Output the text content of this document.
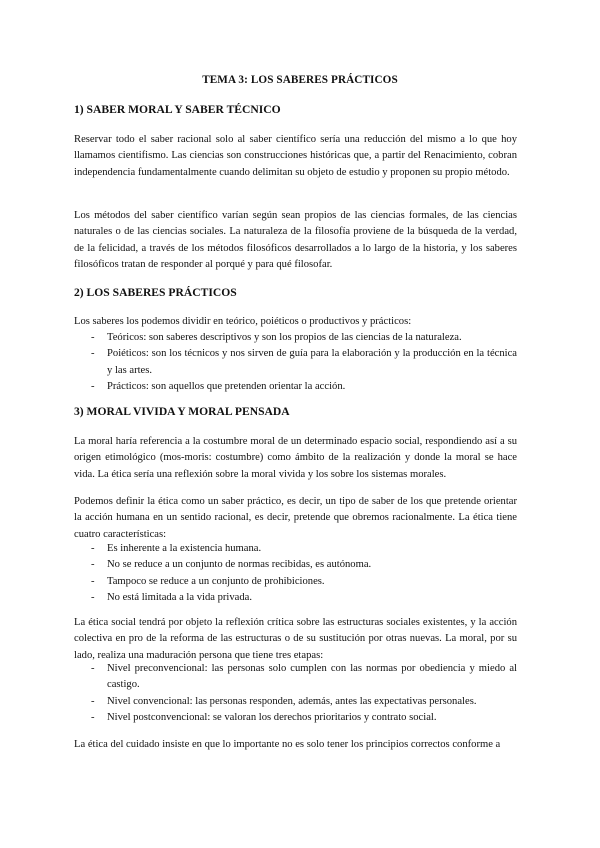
TEMA 3: LOS SABERES PRÁCTICOS
1) SABER MORAL Y SABER TÉCNICO
Reservar todo el saber racional solo al saber científico sería una reducción del mismo a lo que hoy llamamos cientifismo. Las ciencias son construcciones históricas que, a partir del Renacimiento, cobran independencia fundamentalmente cuando delimitan su objeto de estudio y proponen su propio método.
Los métodos del saber científico varían según sean propios de las ciencias formales, de las ciencias naturales o de las ciencias sociales. La naturaleza de la filosofía proviene de la búsqueda de la verdad, de la felicidad, a través de los métodos filosóficos desarrollados a lo largo de la historia, y los saberes filosóficos tratan de responder al porqué y para qué filosofar.
2) LOS SABERES PRÁCTICOS
Los saberes los podemos dividir en teórico, poiéticos o productivos y prácticos:
- Teóricos: son saberes descriptivos y son los propios de las ciencias de la naturaleza.
- Poiéticos: son los técnicos y nos sirven de guía para la elaboración y la producción en la técnica y las artes.
- Prácticos: son aquellos que pretenden orientar la acción.
3) MORAL VIVIDA Y MORAL PENSADA
La moral haría referencia a la costumbre moral de un determinado espacio social, respondiendo así a su origen etimológico (mos-moris: costumbre) como ámbito de la realización y donde la moral se hace vida. La ética sería una reflexión sobre la moral vivida y los sobre los sistemas morales.
Podemos definir la ética como un saber práctico, es decir, un tipo de saber de los que pretende orientar la acción humana en un sentido racional, es decir, pretende que obremos racionalmente. La ética tiene cuatro características:
- Es inherente a la existencia humana.
- No se reduce a un conjunto de normas recibidas, es autónoma.
- Tampoco se reduce a un conjunto de prohibiciones.
- No está limitada a la vida privada.
La ética social tendrá por objeto la reflexión crítica sobre las estructuras sociales existentes, y la acción colectiva en pro de la reforma de las estructuras o de su sustitución por otras nuevas. La moral, por su lado, realiza una maduración persona que tiene tres etapas:
- Nivel preconvencional: las personas solo cumplen con las normas por obediencia y miedo al castigo.
- Nivel convencional: las personas responden, además, antes las expectativas personales.
- Nivel postconvencional: se valoran los derechos prioritarios y contrato social.
La ética del cuidado insiste en que lo importante no es solo tener los principios correctos conforme a
